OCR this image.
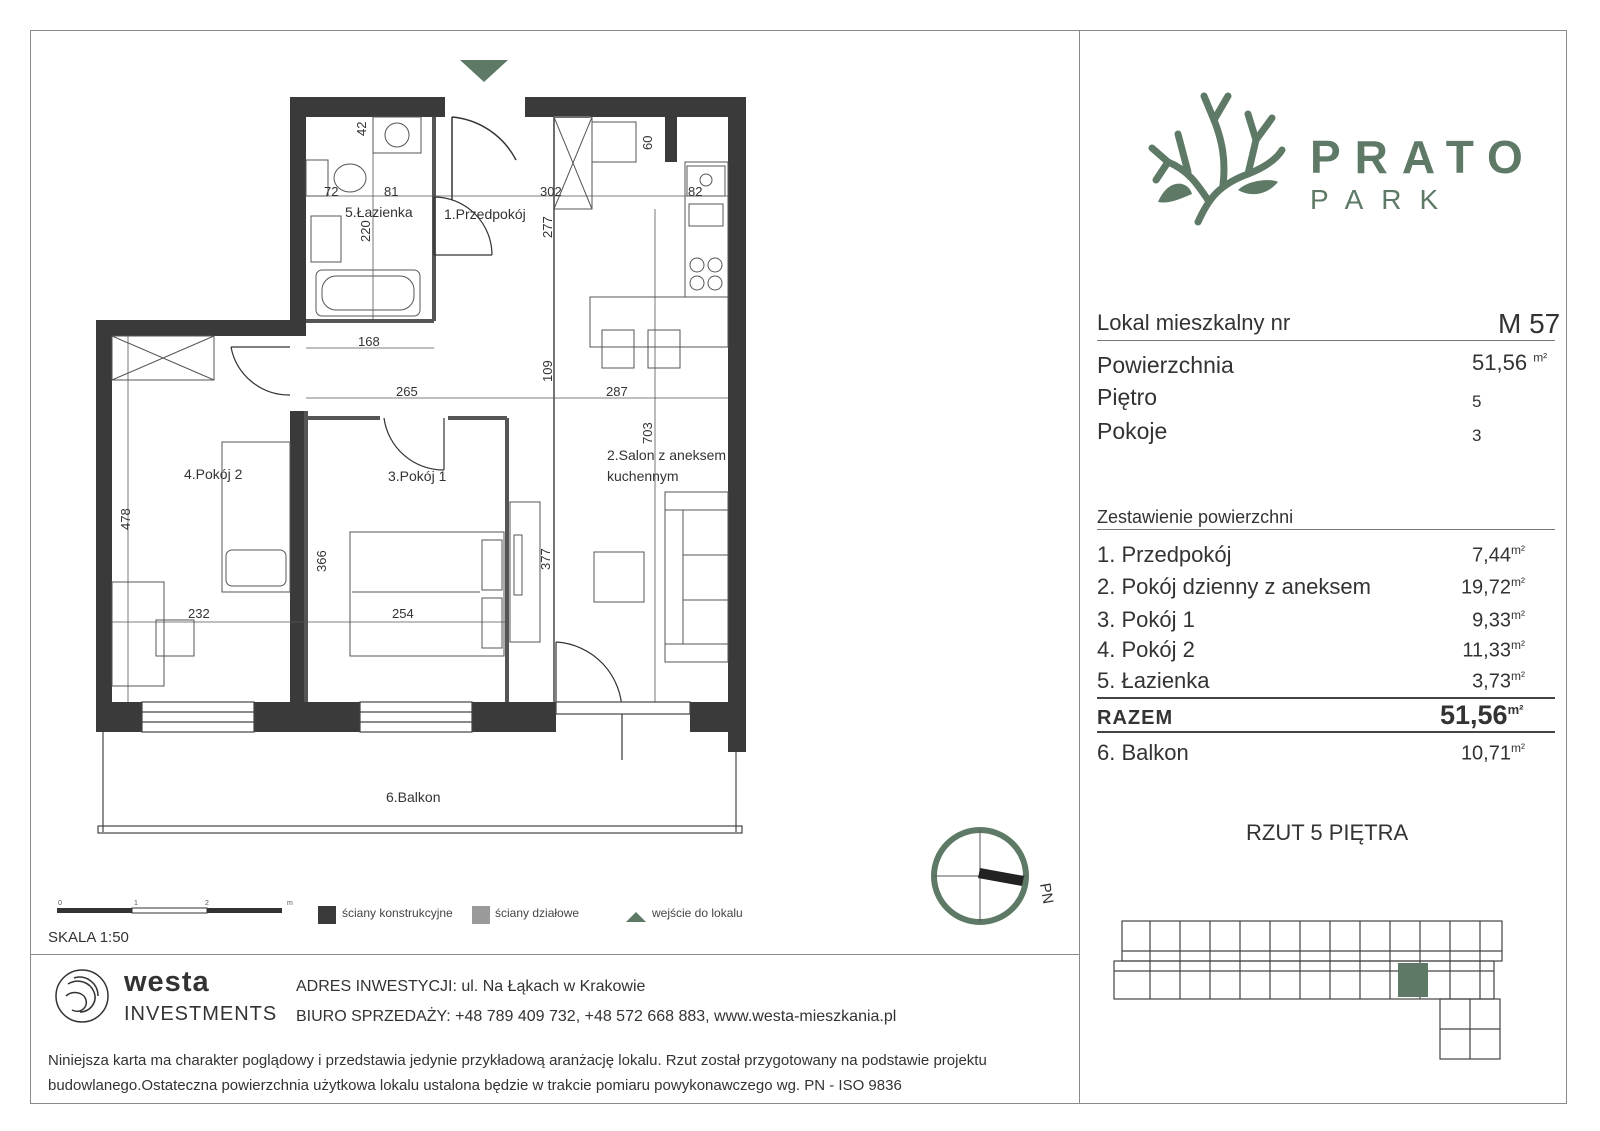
42
60
72	81	302	82
220	277
168
109
265	287
703
478
366	377
232	254
1.Przedpokój
2.Salon z aneksem
kuchennym
3.Pokój 1
4.Pokój 2
5.Łazienka
6.Balkon
PN
0	1	2	m
ściany konstrukcyjne	ściany działowe	wejście do lokalu
SKALA 1:50
PRATO
PARK
Lokal mieszkalny nr	M 57
Powierzchnia	51,56 $^{m^2}$
Piętro	5
Pokoje	3
Zestawienie powierzchni
1. Przedpokój	$7,44^{m^2}$
2. Pokój dzienny z aneksem	$19,72^{m^2}$
3. Pokój 1	$9,33^{m^2}$
4. Pokój 2	$11,33^{m^2}$
5. Łazienka	$3,73^{m^2}$
RAZEM	$51,56^{m^2}$
6. Balkon	$10,71^{m^2}$
RZUT 5 PIĘTRA
westa
INVESTMENTS
ADRES INWESTYCJI: ul. Na Łąkach w Krakowie
BIURO SPRZEDAŻY: +48 789 409 732, +48 572 668 883, www.westa-mieszkania.pl
Niniejsza karta ma charakter poglądowy i przedstawia jedynie przykładową aranżację lokalu. Rzut został przygotowany na podstawie projektu
budowlanego.Ostateczna powierzchnia użytkowa lokalu ustalona będzie w trakcie pomiaru powykonawczego wg. PN - ISO 9836
